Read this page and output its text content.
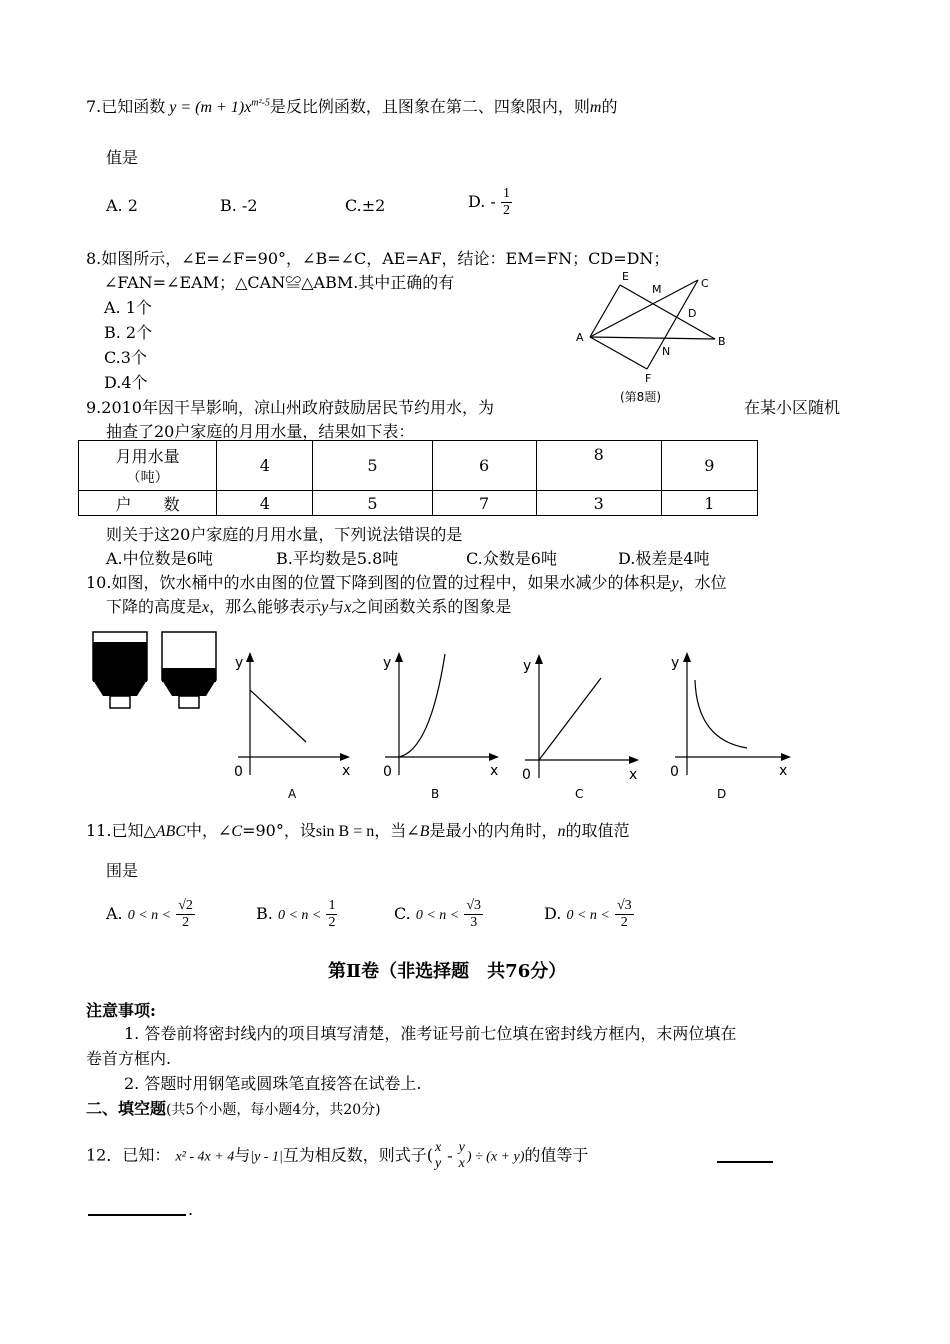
7.已知函数 $y = (m + 1)x^{m^2-5}$是反比例函数，且图象在第二、四象限内，则m的
值是
A. 2	B. -2	C.±2	D. - $\frac{1}{2}$
8.如图所示，∠E=∠F=90°，∠B=∠C，AE=AF，结论：EM=FN；CD=DN；
∠FAN=∠EAM；△CAN≌△ABM.其中正确的有
A. 1个
B. 2个
C.3个
D.4个
E
M	C
D
A	B
N
F
(第8题)
9.2010年因干旱影响，凉山州政府鼓励居民节约用水，为	在某小区随机
抽查了20户家庭的月用水量，结果如下表：
月用水量
（吨）	4	5	6	8	9
户　　数	4	5	7	3	1
则关于这20户家庭的月用水量，下列说法错误的是
A.中位数是6吨	B.平均数是5.8吨	C.众数是6吨	D.极差是4吨
10.如图，饮水桶中的水由图的位置下降到图的位置的过程中，如果水减少的体积是y，水位
下降的高度是x，那么能够表示y与x之间函数关系的图象是
y
x
0
A
y
x
0
B
y
x
0
C
y
x
0
D
11.已知△ABC中，∠C=90°，设sin B = n，当∠B是最小的内角时，n的取值范
围是
A. $0 < n < \frac{√2}{2}$	B. $0 < n < \frac{1}{2}$	C. $0 < n < \frac{√3}{3}$	D. $0 < n < \frac{√3}{2}$
第Ⅱ卷（非选择题　共76分）
注意事项:
1. 答卷前将密封线内的项目填写清楚，准考证号前七位填在密封线方框内，末两位填在
卷首方框内.
2. 答题时用钢笔或圆珠笔直接答在试卷上.
二、填空题(共5个小题，每小题4分，共20分)
12．已知： x² - 4x + 4与|y - 1|互为相反数，则式子( x
y - y
x ) ÷ (x + y)的值等于
.
